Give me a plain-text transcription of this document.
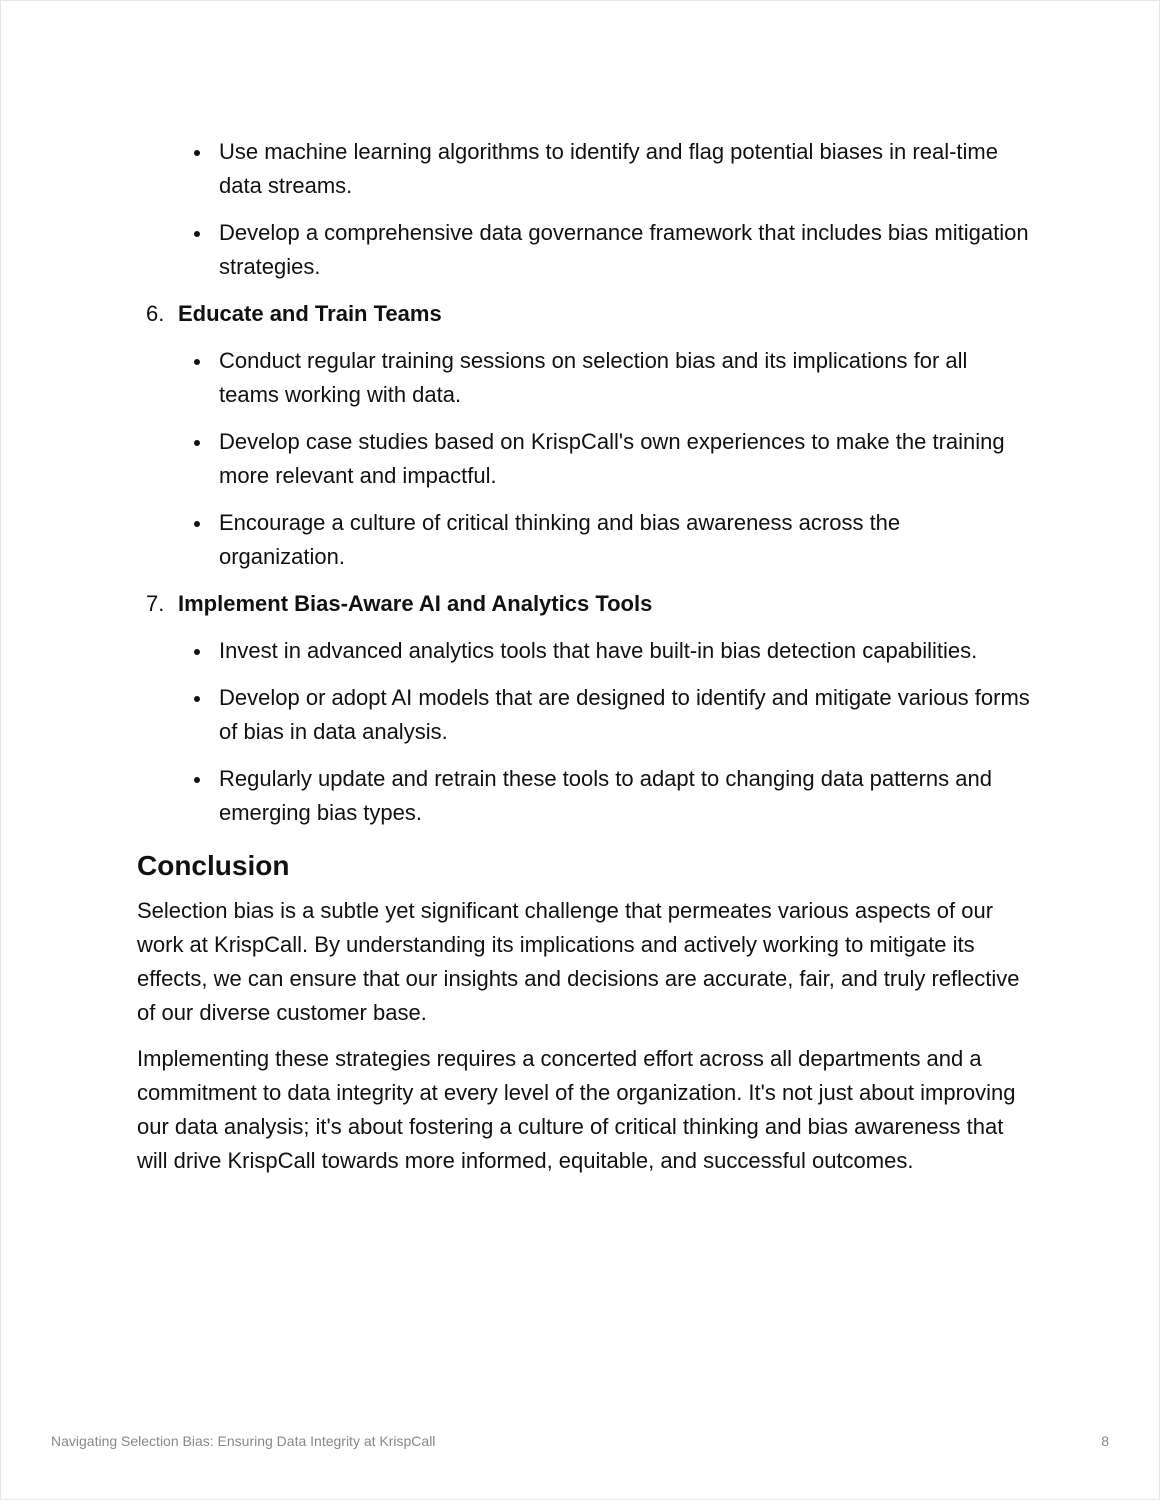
Use machine learning algorithms to identify and flag potential biases in real-time data streams.
Develop a comprehensive data governance framework that includes bias mitigation strategies.
6. Educate and Train Teams
Conduct regular training sessions on selection bias and its implications for all teams working with data.
Develop case studies based on KrispCall's own experiences to make the training more relevant and impactful.
Encourage a culture of critical thinking and bias awareness across the organization.
7. Implement Bias-Aware AI and Analytics Tools
Invest in advanced analytics tools that have built-in bias detection capabilities.
Develop or adopt AI models that are designed to identify and mitigate various forms of bias in data analysis.
Regularly update and retrain these tools to adapt to changing data patterns and emerging bias types.
Conclusion

Selection bias is a subtle yet significant challenge that permeates various aspects of our work at KrispCall. By understanding its implications and actively working to mitigate its effects, we can ensure that our insights and decisions are accurate, fair, and truly reflective of our diverse customer base.

Implementing these strategies requires a concerted effort across all departments and a commitment to data integrity at every level of the organization. It's not just about improving our data analysis; it's about fostering a culture of critical thinking and bias awareness that will drive KrispCall towards more informed, equitable, and successful outcomes.

Navigating Selection Bias: Ensuring Data Integrity at KrispCall	8
